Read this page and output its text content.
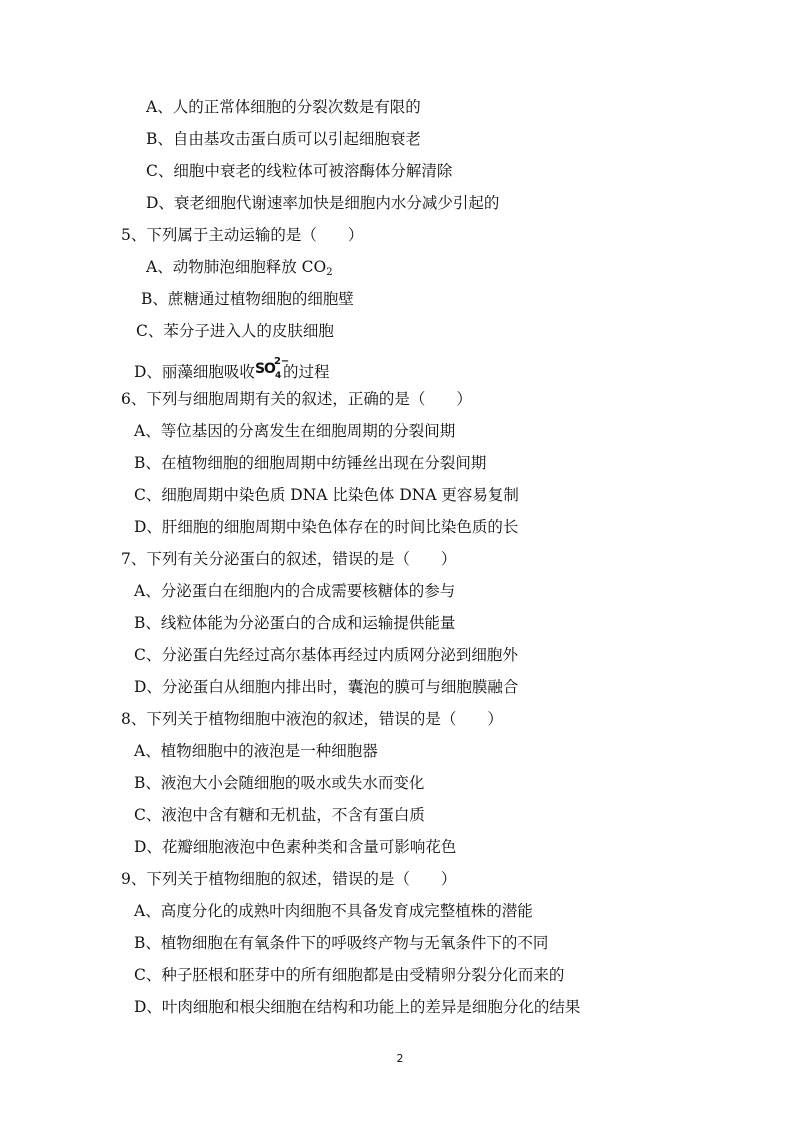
A、人的正常体细胞的分裂次数是有限的
B、自由基攻击蛋白质可以引起细胞衰老
C、细胞中衰老的线粒体可被溶酶体分解清除
D、衰老细胞代谢速率加快是细胞内水分减少引起的
5、下列属于主动运输的是（　　）
A、动物肺泡细胞释放 $CO_2$
B、蔗糖通过植物细胞的细胞壁
C、苯分子进入人的皮肤细胞
D、丽藻细胞吸收 SO 2−
4 的过程
6、下列与细胞周期有关的叙述，正确的是（　　）
A、等位基因的分离发生在细胞周期的分裂间期
B、在植物细胞的细胞周期中纺锤丝出现在分裂间期
C、细胞周期中染色质 DNA 比染色体 DNA 更容易复制
D、肝细胞的细胞周期中染色体存在的时间比染色质的长
7、下列有关分泌蛋白的叙述，错误的是（　　）
A、分泌蛋白在细胞内的合成需要核糖体的参与
B、线粒体能为分泌蛋白的合成和运输提供能量
C、分泌蛋白先经过高尔基体再经过内质网分泌到细胞外
D、分泌蛋白从细胞内排出时，囊泡的膜可与细胞膜融合
8、下列关于植物细胞中液泡的叙述，错误的是（　　）
A、植物细胞中的液泡是一种细胞器
B、液泡大小会随细胞的吸水或失水而变化
C、液泡中含有糖和无机盐，不含有蛋白质
D、花瓣细胞液泡中色素种类和含量可影响花色
9、下列关于植物细胞的叙述，错误的是（　　）
A、高度分化的成熟叶肉细胞不具备发育成完整植株的潜能
B、植物细胞在有氧条件下的呼吸终产物与无氧条件下的不同
C、种子胚根和胚芽中的所有细胞都是由受精卵分裂分化而来的
D、叶肉细胞和根尖细胞在结构和功能上的差异是细胞分化的结果
2
